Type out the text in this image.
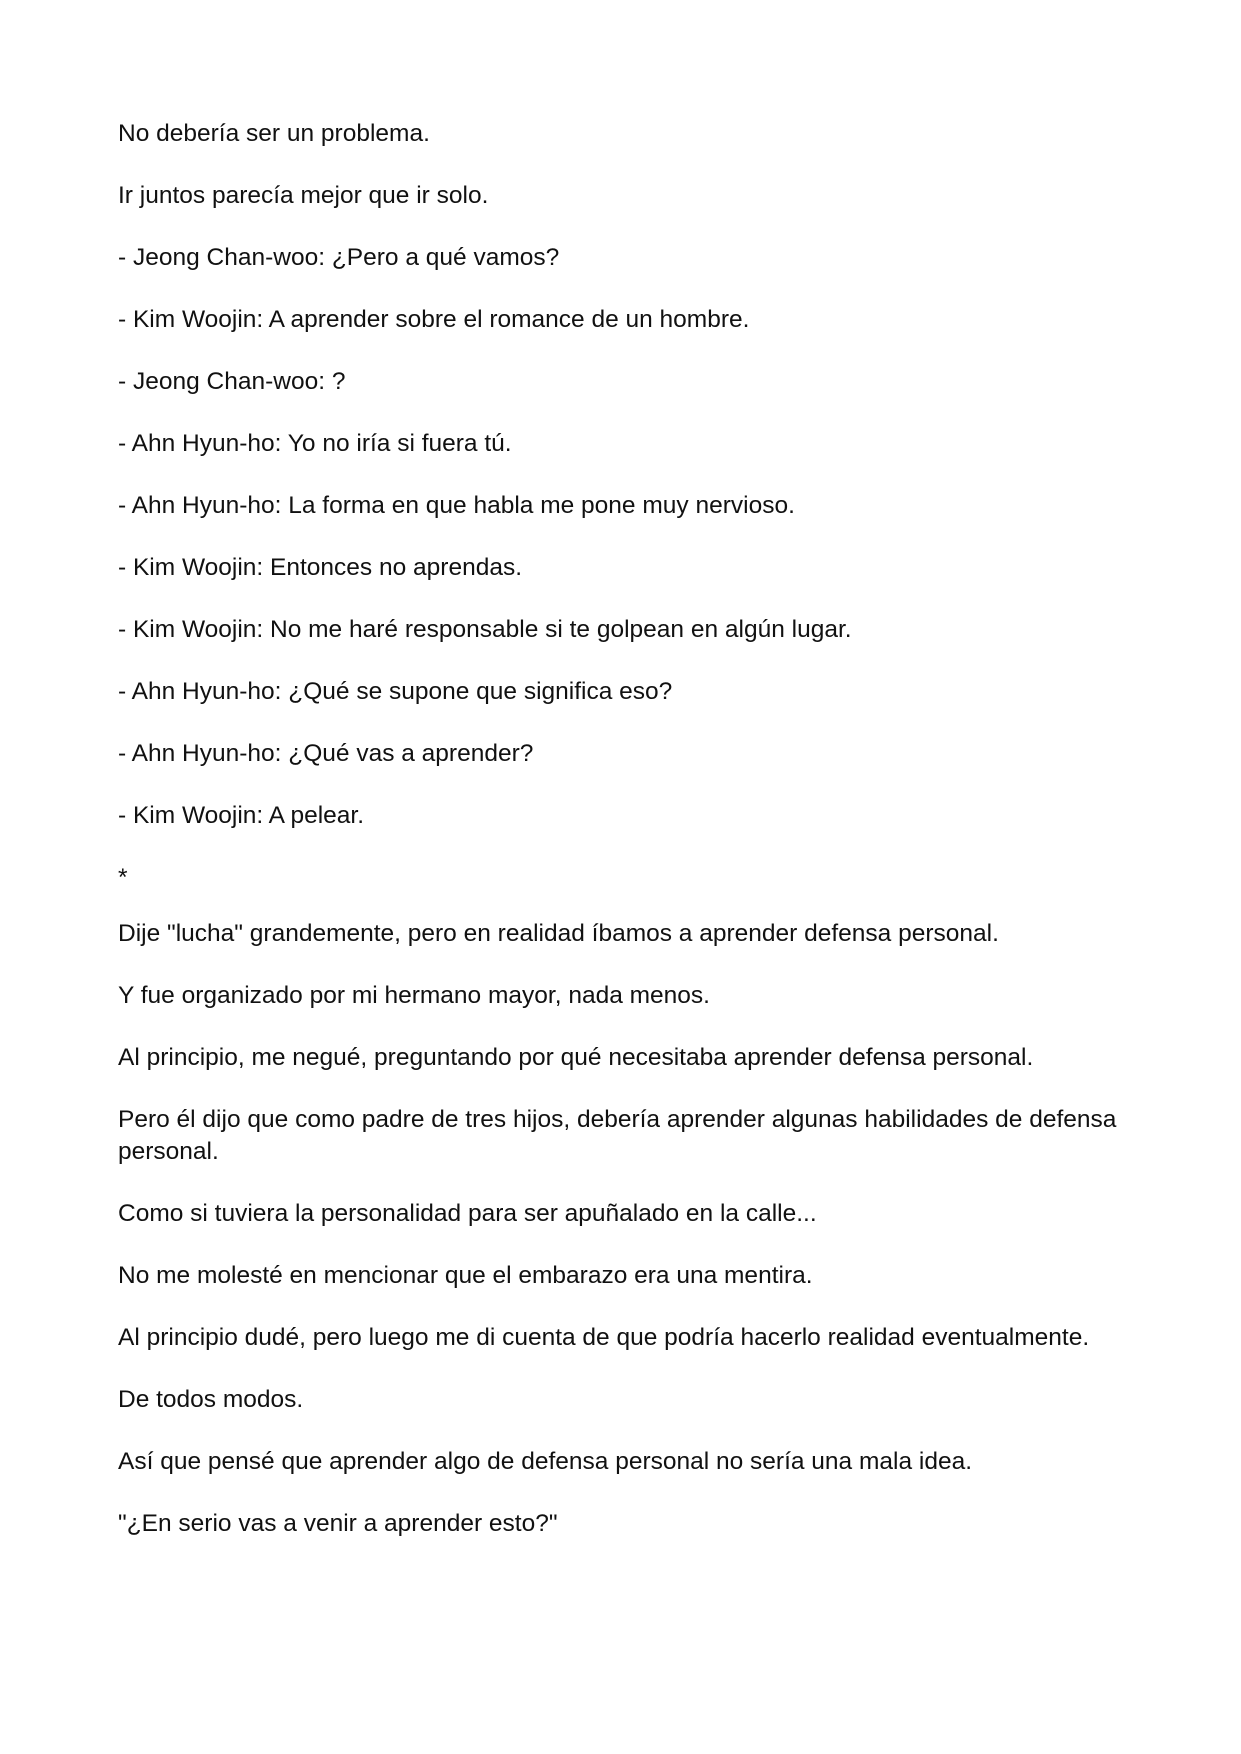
No debería ser un problema.

Ir juntos parecía mejor que ir solo.

- Jeong Chan-woo: ¿Pero a qué vamos?

- Kim Woojin: A aprender sobre el romance de un hombre.

- Jeong Chan-woo: ?

- Ahn Hyun-ho: Yo no iría si fuera tú.

- Ahn Hyun-ho: La forma en que habla me pone muy nervioso.

- Kim Woojin: Entonces no aprendas.

- Kim Woojin: No me haré responsable si te golpean en algún lugar.

- Ahn Hyun-ho: ¿Qué se supone que significa eso?

- Ahn Hyun-ho: ¿Qué vas a aprender?

- Kim Woojin: A pelear.

*

Dije "lucha" grandemente, pero en realidad íbamos a aprender defensa personal.

Y fue organizado por mi hermano mayor, nada menos.

Al principio, me negué, preguntando por qué necesitaba aprender defensa personal.

Pero él dijo que como padre de tres hijos, debería aprender algunas habilidades de defensa personal.

Como si tuviera la personalidad para ser apuñalado en la calle...

No me molesté en mencionar que el embarazo era una mentira.

Al principio dudé, pero luego me di cuenta de que podría hacerlo realidad eventualmente.

De todos modos.

Así que pensé que aprender algo de defensa personal no sería una mala idea.

"¿En serio vas a venir a aprender esto?"
